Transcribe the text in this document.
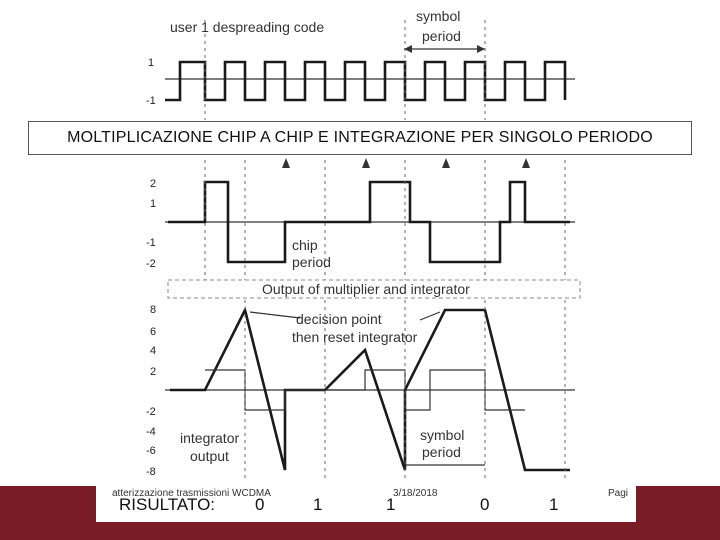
user 1 despreading code
symbol
period
1
-1
2
1
-1
-2
chip
period
Output of multiplier and integrator
8
6
4
2
-2
-4
-6
-8
decision point
then reset integrator
integrator
output
symbol
period
MOLTIPLICAZIONE CHIP A CHIP E INTEGRAZIONE PER SINGOLO PERIODO
atterizzazione trasmissioni WCDMA
RISULTATO: 0	1	1
3/18/2018
0	1
Pagi
